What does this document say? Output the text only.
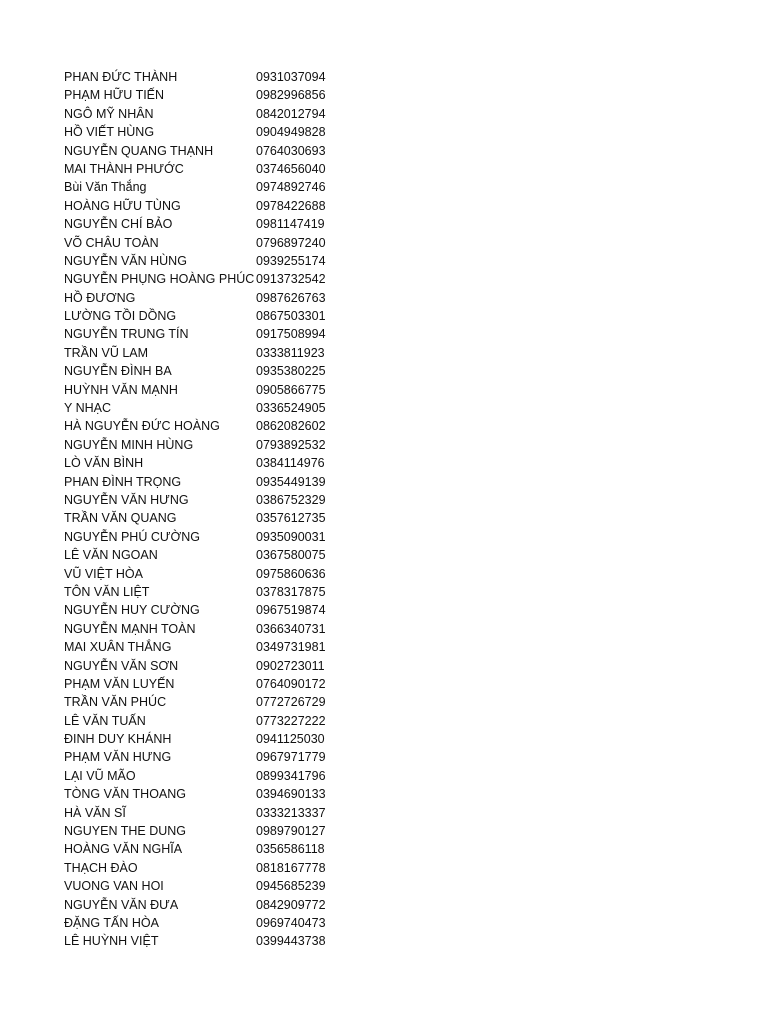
PHAN ĐỨC THÀNH	0931037094
PHẠM HỮU TIẾN	0982996856
NGÔ MỸ NHÂN	0842012794
HỒ VIẾT HÙNG	0904949828
NGUYỄN QUANG THẠNH	0764030693
MAI THÀNH PHƯỚC	0374656040
Bùi Văn Thắng	0974892746
HOÀNG HỮU TÙNG	0978422688
NGUYỄN CHÍ BẢO	0981147419
VÕ CHÂU TOÀN	0796897240
NGUYỄN VĂN HÙNG	0939255174
NGUYỄN PHỤNG HOÀNG PHÚC 0913732542
HỒ ĐƯƠNG	0987626763
LƯỜNG TỒI DỒNG	0867503301
NGUYỄN TRUNG TÍN	0917508994
TRẦN VŨ LAM	0333811923
NGUYỄN ĐÌNH BA	0935380225
HUỲNH VĂN MẠNH	0905866775
Y NHẠC	0336524905
HÀ NGUYỄN ĐỨC HOÀNG	0862082602
NGUYỄN MINH HÙNG	0793892532
LÒ VĂN BÌNH	0384114976
PHAN ĐÌNH TRỌNG	0935449139
NGUYỄN VĂN HƯNG	0386752329
TRẦN VĂN QUANG	0357612735
NGUYỄN PHÚ CƯỜNG	0935090031
LÊ VĂN NGOAN	0367580075
VŨ VIỆT HÒA	0975860636
TÔN VĂN LIỆT	0378317875
NGUYỄN HUY CƯỜNG	0967519874
NGUYỄN MẠNH TOÀN	0366340731
MAI XUÂN THẮNG	0349731981
NGUYỄN VĂN SƠN	0902723011
PHẠM VĂN LUYẾN	0764090172
TRẦN VĂN PHÚC	0772726729
LÊ VĂN TUẤN	0773227222
ĐINH DUY KHÁNH	0941125030
PHẠM VĂN HƯNG	0967971779
LẠI VŨ MÃO	0899341796
TÒNG VĂN THOANG	0394690133
HÀ VĂN SĨ	0333213337
NGUYEN THE DUNG	0989790127
HOÀNG VĂN NGHĨA	0356586118
THẠCH ĐÀO	0818167778
VUONG VAN HOI	0945685239
NGUYỄN VĂN ĐƯA	0842909772
ĐẶNG TẤN HÒA	0969740473
LÊ HUỲNH VIỆT	0399443738
